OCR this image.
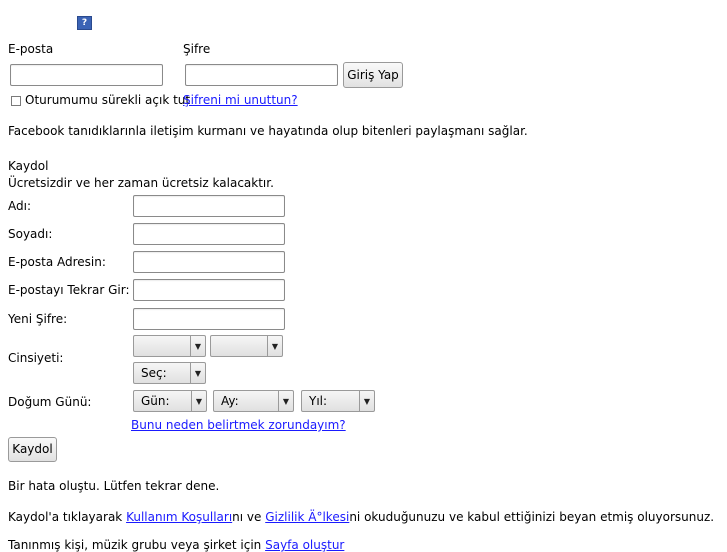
?
E-posta	Şifre
Giriş Yap
Oturumumu sürekli açık tut
Şifreni mi unuttun?
Facebook tanıdıklarınla iletişim kurmanı ve hayatında olup bitenleri paylaşmanı sağlar.
Kaydol
Ücretsizdir ve her zaman ücretsiz kalacaktır.
Adı:
Soyadı:
E-posta Adresin:
E-postayı Tekrar Gir:
Yeni Şifre:
Cinsiyeti:
▼	▼
Seç:	▼
Doğum Günü:	Gün:	▼	Ay:	▼	Yıl:	▼
Bunu neden belirtmek zorundayım?
Kaydol
Bir hata oluştu. Lütfen tekrar dene.
Kaydol'a tıklayarak Kullanım Koşullarını ve Gizlilik Ä°lkesini okuduğunuzu ve kabul ettiğinizi beyan etmiş oluyorsunuz.
Tanınmış kişi, müzik grubu veya şirket için Sayfa oluştur
